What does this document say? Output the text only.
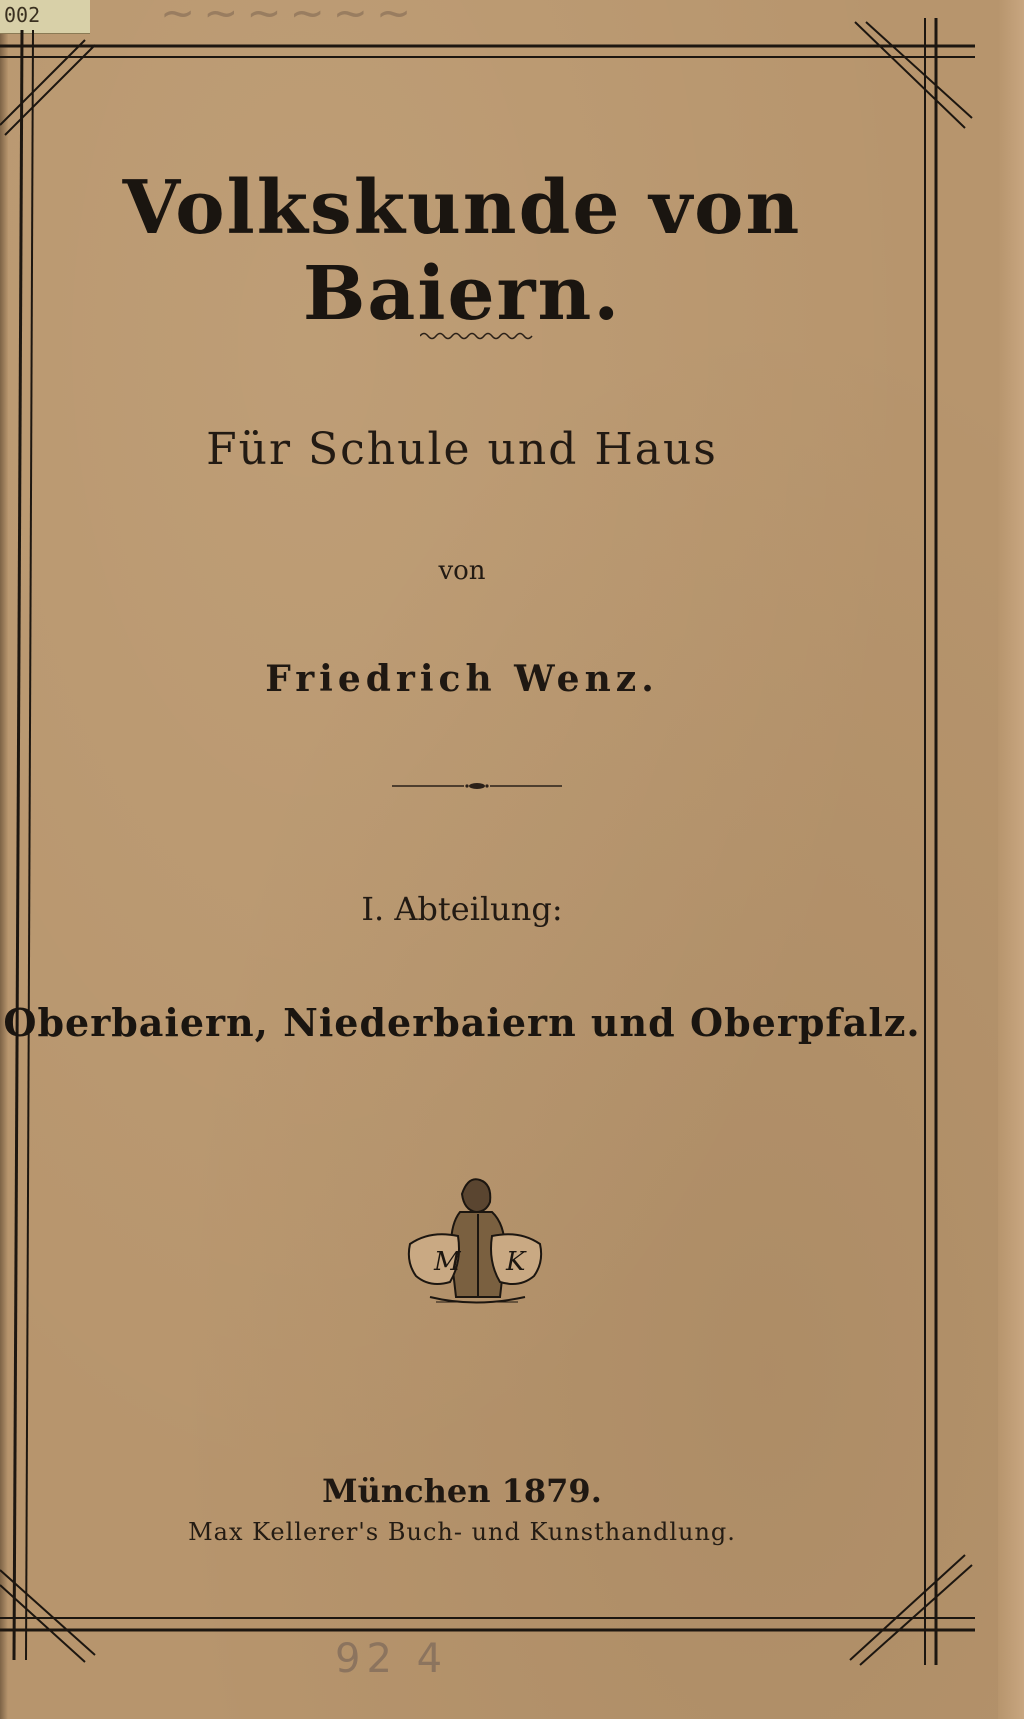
002	~~~~~~
Volkskunde von Baiern.
Für Schule und Haus
von
Friedrich Wenz.
I. Abteilung:
Oberbaiern, Niederbaiern und Oberpfalz.
M K
München 1879.
Max Kellerer's Buch- und Kunsthandlung.
92 4
